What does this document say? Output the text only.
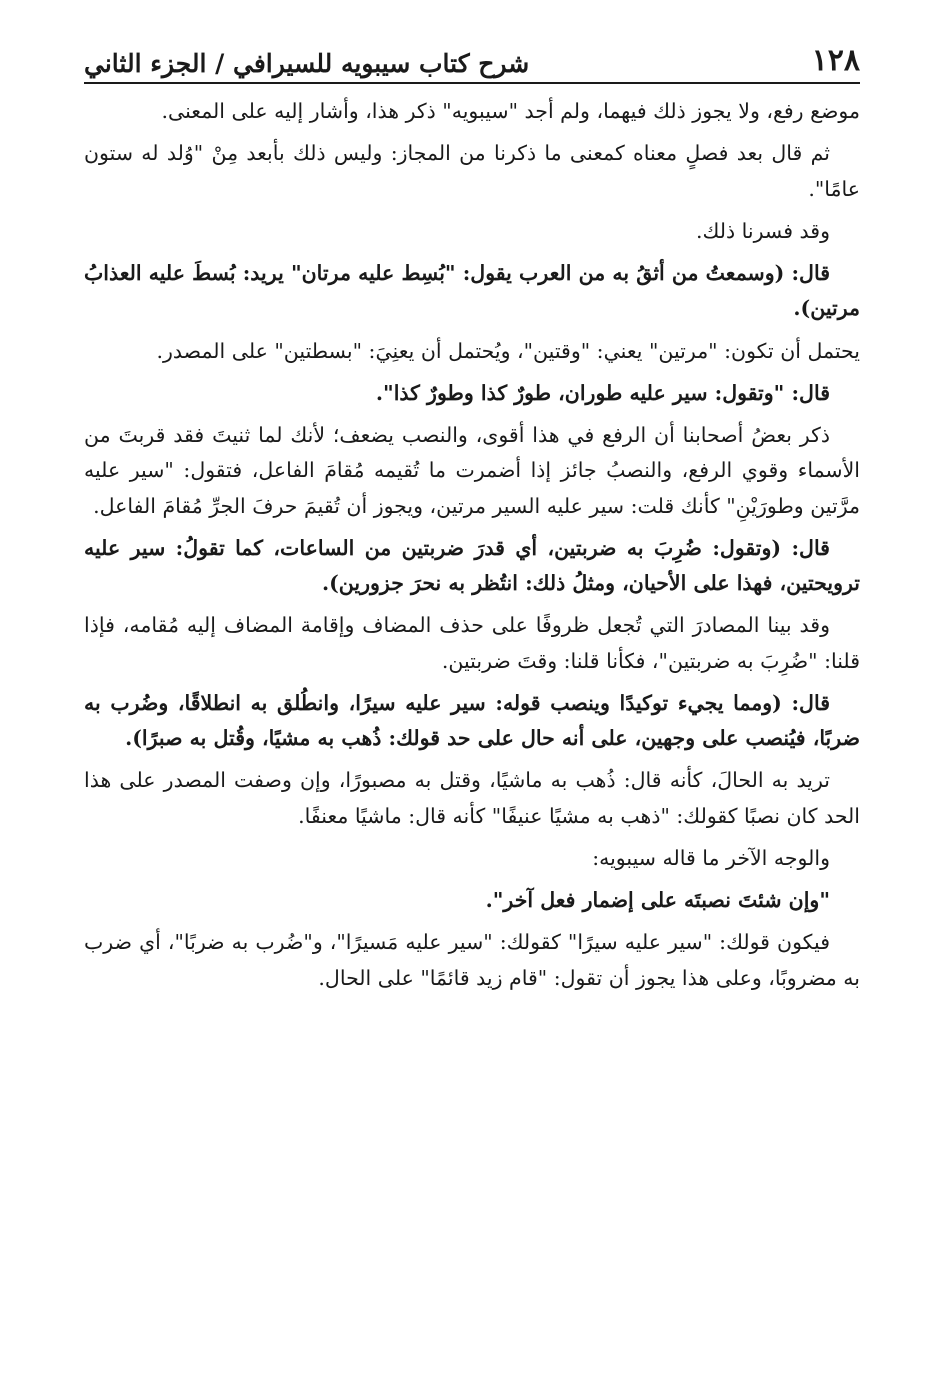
١٢٨
شرح كتاب سيبويه للسيرافي / الجزء الثاني

موضع رفع، ولا يجوز ذلك فيهما، ولم أجد "سيبويه" ذكر هذا، وأشار إليه على المعنى.

ثم قال بعد فصلٍ معناه كمعنى ما ذكرنا من المجاز: وليس ذلك بأبعد مِنْ "وُلد له ستون عامًا".

وقد فسرنا ذلك.

قال: (وسمعتُ من أثقُ به من العرب يقول: "بُسِط عليه مرتان" يريد: بُسطَ عليه العذابُ مرتين).

يحتمل أن تكون: "مرتين" يعني: "وقتين"، ويُحتمل أن يعنِيَ: "بسطتين" على المصدر.

قال: "وتقول: سير عليه طوران، طورٌ كذا وطورٌ كذا".

ذكر بعضُ أصحابنا أن الرفع في هذا أقوى، والنصب يضعف؛ لأنك لما ثنيتَ فقد قربتَ من الأسماء وقوي الرفع، والنصبُ جائز إذا أضمرت ما تُقيمه مُقامَ الفاعل، فتقول: "سير عليه مرَّتين وطورَيْنِ" كأنك قلت: سير عليه السير مرتين، ويجوز أن تُقيمَ حرفَ الجرِّ مُقامَ الفاعل.

قال: (وتقول: ضُرِبَ به ضربتين، أي قدرَ ضربتين من الساعات، كما تقولُ: سير عليه ترويحتين، فهذا على الأحيان، ومثلُ ذلك: انتُظر به نحرَ جزورين).

وقد بينا المصادرَ التي تُجعل ظروفًا على حذف المضاف وإقامة المضاف إليه مُقامه، فإذا قلنا: "ضُرِبَ به ضربتين"، فكأنا قلنا: وقتَ ضربتين.

قال: (ومما يجيء توكيدًا وينصب قوله: سير عليه سيرًا، وانطُلق به انطلاقًا، وضُرب به ضربًا، فيُنصب على وجهين، على أنه حال على حد قولك: ذُهب به مشيًا، وقُتل به صبرًا).

تريد به الحالَ، كأنه قال: ذُهب به ماشيًا، وقتل به مصبورًا، وإن وصفت المصدر على هذا الحد كان نصبًا كقولك: "ذهب به مشيًا عنيفًا" كأنه قال: ماشيًا معنفًا.

والوجه الآخر ما قاله سيبويه:

"وإن شئتَ نصبتَه على إضمار فعل آخر".

فيكون قولك: "سير عليه سيرًا" كقولك: "سير عليه مَسيرًا"، و"ضُرب به ضربًا"، أي ضرب به مضروبًا، وعلى هذا يجوز أن تقول: "قام زيد قائمًا" على الحال.
